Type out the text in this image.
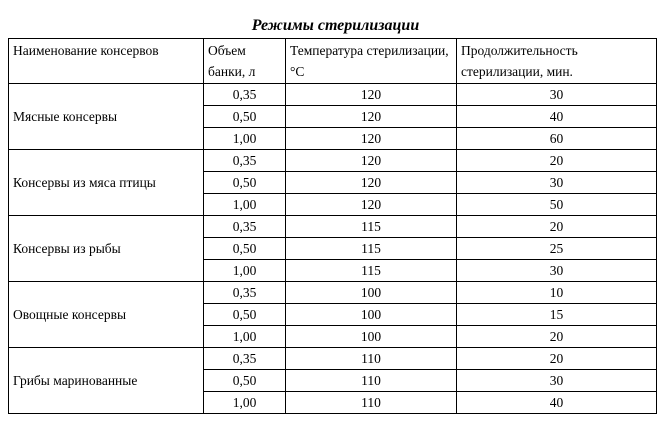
Режимы стерилизации
Наименование консервов	Объем банки, л	Температура стерилизации, °С	Продолжительность стерилизации, мин.
Мясные консервы	0,35	120	30
	0,50	120	40
	1,00	120	60
Консервы из мяса птицы	0,35	120	20
	0,50	120	30
	1,00	120	50
Консервы из рыбы	0,35	115	20
	0,50	115	25
	1,00	115	30
Овощные консервы	0,35	100	10
	0,50	100	15
	1,00	100	20
Грибы маринованные	0,35	110	20
	0,50	110	30
	1,00	110	40
